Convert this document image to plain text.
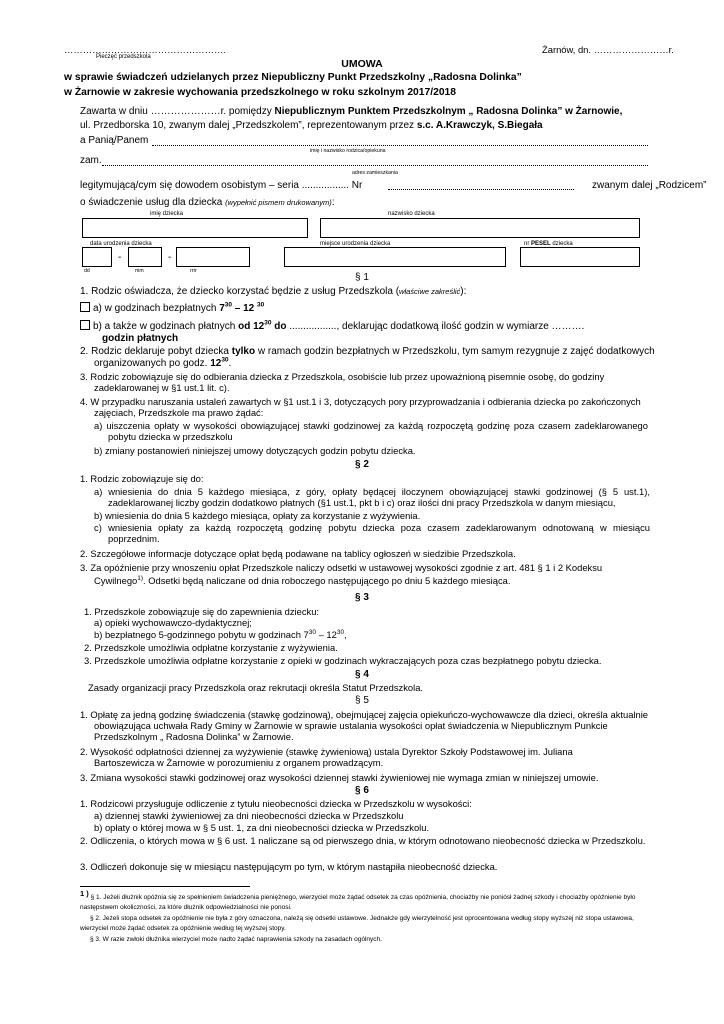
…………………………………………….
Pieczęć przedszkola
Żarnów, dn. ……………………r.
UMOWA
w sprawie świadczeń udzielanych przez Niepubliczny Punkt Przedszkolny „Radosna Dolinka”
w Żarnowie w zakresie wychowania przedszkolnego w roku szkolnym 2017/2018
Zawarta w dniu …………………r. pomiędzy Niepublicznym Punktem Przedszkolnym „ Radosna Dolinka” w Żarnowie,
ul. Przedborska 10, zwanym dalej „Przedszkolem”, reprezentowanym przez s.c. A.Krawczyk, S.Biegała
a Panią/Panem
imię i nazwisko rodzica/opiekuna
zam.
adres zamieszkania
legitymującą/cym się dowodem osobistym – seria ................. Nr	zwanym dalej „Rodzicem”
o świadczenie usług dla dziecka (wypełnić pismem drukowanym):
imię dziecka	nazwisko dziecka
data urodzenia dziecka	miejsce urodzenia dziecka	nr PESEL dziecka
-	-
dd	mm	rrrr
§ 1
1. Rodzic oświadcza, że dziecko korzystać będzie z usług Przedszkola (właściwe zakreślić):
a) w godzinach bezpłatnych $7^{30} - 12$ $^{30}$
b) a także w godzinach płatnych od $12^{30}$ do ................., deklarując dodatkową ilość godzin w wymiarze ……….
godzin płatnych
2. Rodzic deklaruje pobyt dziecka tylko w ramach godzin bezpłatnych w Przedszkolu, tym samym rezygnuje z zajęć dodatkowych
organizowanych po godz. $12^{30}$.
3. Rodzic zobowiązuje się do odbierania dziecka z Przedszkola, osobiście lub przez upoważnioną pisemnie osobę, do godziny zadeklarowanej w §1 ust.1 lit. c).
4. W przypadku naruszania ustaleń zawartych w §1 ust.1 i 3, dotyczących pory przyprowadzania i odbierania dziecka po zakończonych zajęciach, Przedszkole ma prawo żądać:
a) uiszczenia opłaty w wysokości obowiązującej stawki godzinowej za każdą rozpoczętą godzinę poza czasem zadeklarowanego pobytu dziecka w przedszkolu
b) zmiany postanowień niniejszej umowy dotyczących godzin pobytu dziecka.
§ 2
1. Rodzic zobowiązuje się do:
a) wniesienia do dnia 5 każdego miesiąca, z góry, opłaty będącej iloczynem obowiązującej stawki godzinowej (§ 5 ust.1), zadeklarowanej liczby godzin dodatkowo płatnych (§1 ust.1, pkt b i c) oraz ilości dni pracy Przedszkola w danym miesiącu,
b) wniesienia do dnia 5 każdego miesiąca, opłaty za korzystanie z wyżywienia.
c) wniesienia opłaty za każdą rozpoczętą godzinę pobytu dziecka poza czasem zadeklarowanym odnotowaną w miesiącu poprzednim.
2. Szczegółowe informacje dotyczące opłat będą podawane na tablicy ogłoszeń w siedzibie Przedszkola.
3. Za opóźnienie przy wnoszeniu opłat Przedszkole naliczy odsetki w ustawowej wysokości zgodnie z art. 481 § 1 i 2 Kodeksu Cywilnego$^{1)}$. Odsetki będą naliczane od dnia roboczego następującego po dniu 5 każdego miesiąca.
§ 3
1. Przedszkole zobowiązuje się do zapewnienia dziecku:
a) opieki wychowawczo-dydaktycznej;
b) bezpłatnego 5-godzinnego pobytu w godzinach $7^{30} - 12^{30}$,
2. Przedszkole umożliwia odpłatne korzystanie z wyżywienia.
3. Przedszkole umożliwia odpłatne korzystanie z opieki w godzinach wykraczających poza czas bezpłatnego pobytu dziecka.
§ 4
Zasady organizacji pracy Przedszkola oraz rekrutacji określa Statut Przedszkola.
§ 5
1. Opłatę za jedną godzinę świadczenia (stawkę godzinową), obejmującej zajęcia opiekuńczo-wychowawcze dla dzieci, określa aktualnie obowiązująca uchwała Rady Gminy w Żarnowie w sprawie ustalania wysokości opłat świadczenia w Niepublicznym Punkcie Przedszkolnym „ Radosna Dolinka” w Żarnowie.
2. Wysokość odpłatności dziennej za wyżywienie (stawkę żywieniową) ustala Dyrektor Szkoły Podstawowej im. Juliana Bartoszewicza w Żarnowie w porozumieniu z organem prowadzącym.
3. Zmiana wysokości stawki godzinowej oraz wysokości dziennej stawki żywieniowej nie wymaga zmian w niniejszej umowie.
§ 6
1. Rodzicowi przysługuje odliczenie z tytułu nieobecności dziecka w Przedszkolu w wysokości:
a) dziennej stawki żywieniowej za dni nieobecności dziecka w Przedszkolu
b) opłaty o której mowa w § 5 ust. 1, za dni nieobecności dziecka w Przedszkolu.
2. Odliczenia, o których mowa w § 6 ust. 1 naliczane są od pierwszego dnia, w którym odnotowano nieobecność dziecka w Przedszkolu.
3. Odliczeń dokonuje się w miesiącu następującym po tym, w którym nastąpiła nieobecność dziecka.
$^{1 )}$ § 1. Jeżeli dłużnik opóźnia się ze spełnieniem świadczenia pieniężnego, wierzyciel może żądać odsetek za czas opóźnienia, chociażby nie poniósł żadnej szkody i chociażby opóźnienie było następstwem okoliczności, za które dłużnik odpowiedzialności nie ponosi.
§ 2. Jeżeli stopa odsetek za opóźnienie nie była z góry oznaczona, należą się odsetki ustawowe. Jednakże gdy wierzytelność jest oprocentowana według stopy wyższej niż stopa ustawowa, wierzyciel może żądać odsetek za opóźnienie według tej wyższej stopy.
§ 3. W razie zwłoki dłużnika wierzyciel może nadto żądać naprawienia szkody na zasadach ogólnych.
